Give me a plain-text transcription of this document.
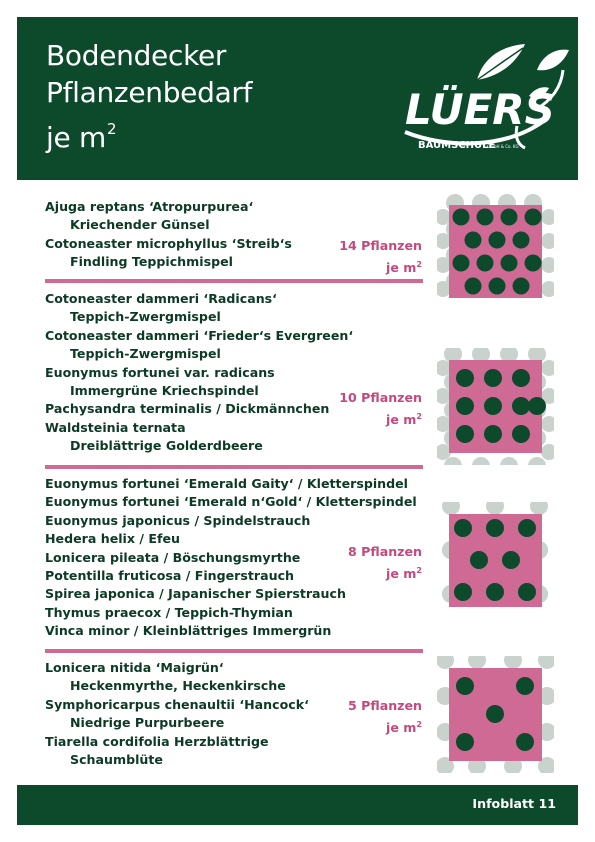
Bodendecker
Pflanzenbedarf
je $m^2$	LÜERS
BAUMSCHULE
GmbH & Co. KG
Ajuga reptans ‘Atropurpurea‘
Kriechender Günsel
Cotoneaster microphyllus ‘Streib‘s
Findling Teppichmispel
14 Pflanzen
je $m^2$
Cotoneaster dammeri ‘Radicans‘
Teppich-Zwergmispel
Cotoneaster dammeri ‘Frieder‘s Evergreen‘
Teppich-Zwergmispel
Euonymus fortunei var. radicans
Immergrüne Kriechspindel
Pachysandra terminalis / Dickmännchen
Waldsteinia ternata
Dreiblättrige Golderdbeere
10 Pflanzen
je $m^2$
Euonymus fortunei ‘Emerald Gaity‘ / Kletterspindel
Euonymus fortunei ‘Emerald n‘Gold‘ / Kletterspindel
Euonymus japonicus / Spindelstrauch
Hedera helix / Efeu
Lonicera pileata / Böschungsmyrthe
Potentilla fruticosa / Fingerstrauch
Spirea japonica / Japanischer Spierstrauch
Thymus praecox / Teppich-Thymian
Vinca minor / Kleinblättriges Immergrün
8 Pflanzen
je $m^2$
Lonicera nitida ‘Maigrün‘
Heckenmyrthe, Heckenkirsche
Symphoricarpus chenaultii ‘Hancock‘
Niedrige Purpurbeere
Tiarella cordifolia Herzblättrige
Schaumblüte
5 Pflanzen
je $m^2$
Infoblatt 11
